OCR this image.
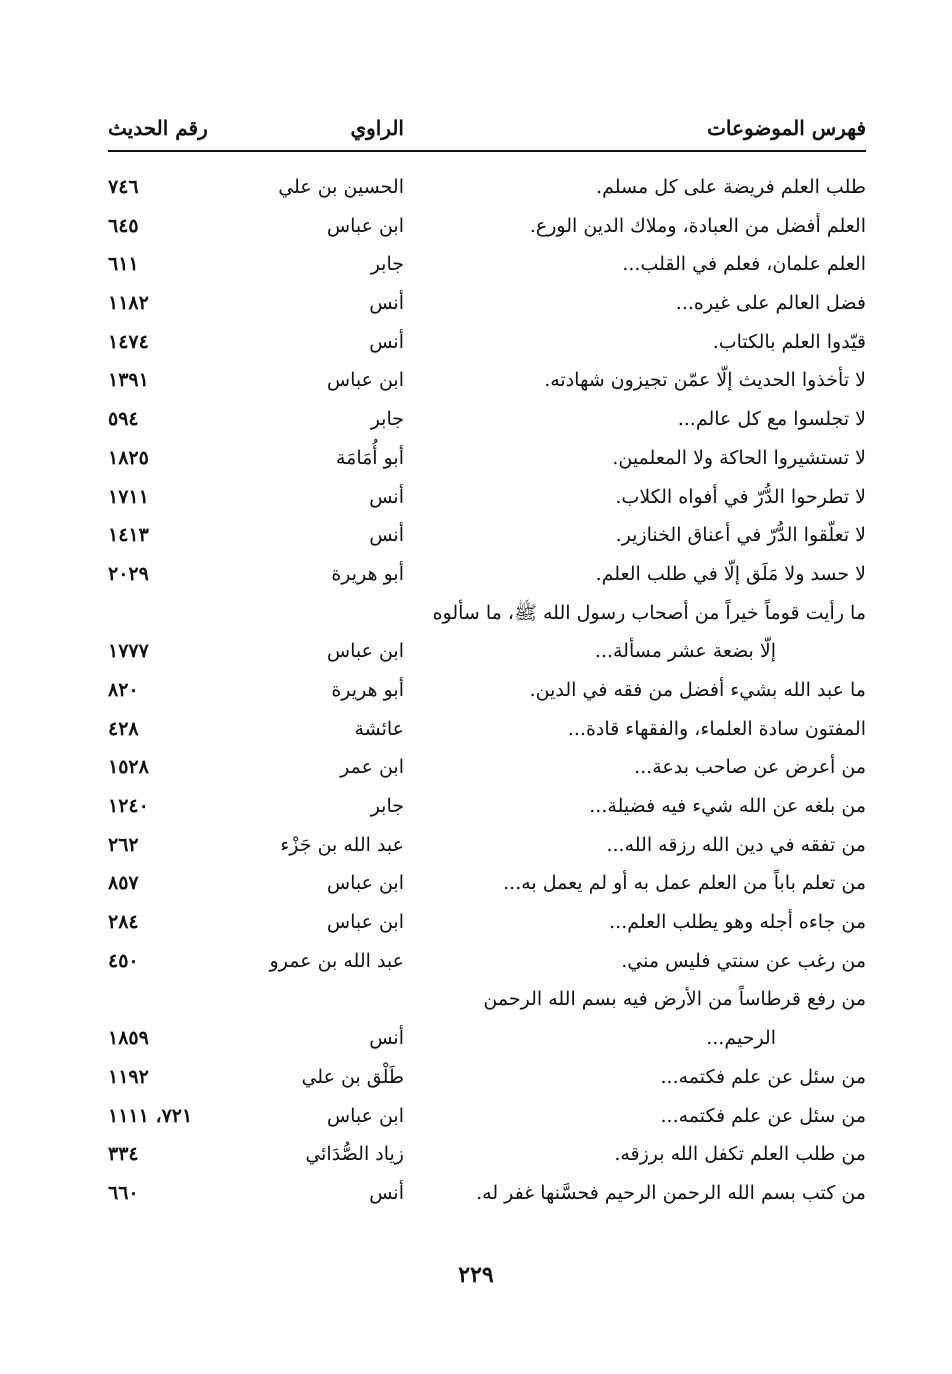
فهرس الموضوعات
الراوي
رقم الحديث
طلب العلم فريضة على كل مسلم.
الحسين بن علي
٧٤٦
العلم أفضل من العبادة، وملاك الدين الورع.
ابن عباس
٦٤٥
العلم علمان، فعلم في القلب...
جابر
٦١١
فضل العالم على غيره...
أنس
١١٨٢
قيّدوا العلم بالكتاب.
أنس
١٤٧٤
لا تأخذوا الحديث إلّا عمّن تجيزون شهادته.
ابن عباس
١٣٩١
لا تجلسوا مع كل عالم...
جابر
٥٩٤
لا تستشيروا الحاكة ولا المعلمين.
أبو أُمَامَة
١٨٢٥
لا تطرحوا الدُّرّ في أفواه الكلاب.
أنس
١٧١١
لا تعلّقوا الدُّرّ في أعناق الخنازير.
أنس
١٤١٣
لا حسد ولا مَلَق إلّا في طلب العلم.
أبو هريرة
٢٠٢٩
ما رأيت قوماً خيراً من أصحاب رسول الله ﷺ، ما سألوه
إلّا بضعة عشر مسألة...
ابن عباس
١٧٧٧
ما عبد الله بشيء أفضل من فقه في الدين.
أبو هريرة
٨٢٠
المفتون سادة العلماء، والفقهاء قادة...
عائشة
٤٢٨
من أعرض عن صاحب بدعة...
ابن عمر
١٥٢٨
من بلغه عن الله شيء فيه فضيلة...
جابر
١٢٤٠
من تفقه في دين الله رزقه الله...
عبد الله بن جَزْء
٢٦٢
من تعلم باباً من العلم عمل به أو لم يعمل به...
ابن عباس
٨٥٧
من جاءه أجله وهو يطلب العلم...
ابن عباس
٢٨٤
من رغب عن سنتي فليس مني.
عبد الله بن عمرو
٤٥٠
من رفع قرطاساً من الأرض فيه بسم الله الرحمن
الرحيم...
أنس
١٨٥٩
من سئل عن علم فكتمه...
طَلْق بن علي
١١٩٢
من سئل عن علم فكتمه...
ابن عباس
٧٢١، ١١١١
من طلب العلم تكفل الله برزقه.
زياد الصُّدَائي
٣٣٤
من كتب بسم الله الرحمن الرحيم فحسَّنها غفر له.
أنس
٦٦٠
٢٢٩
